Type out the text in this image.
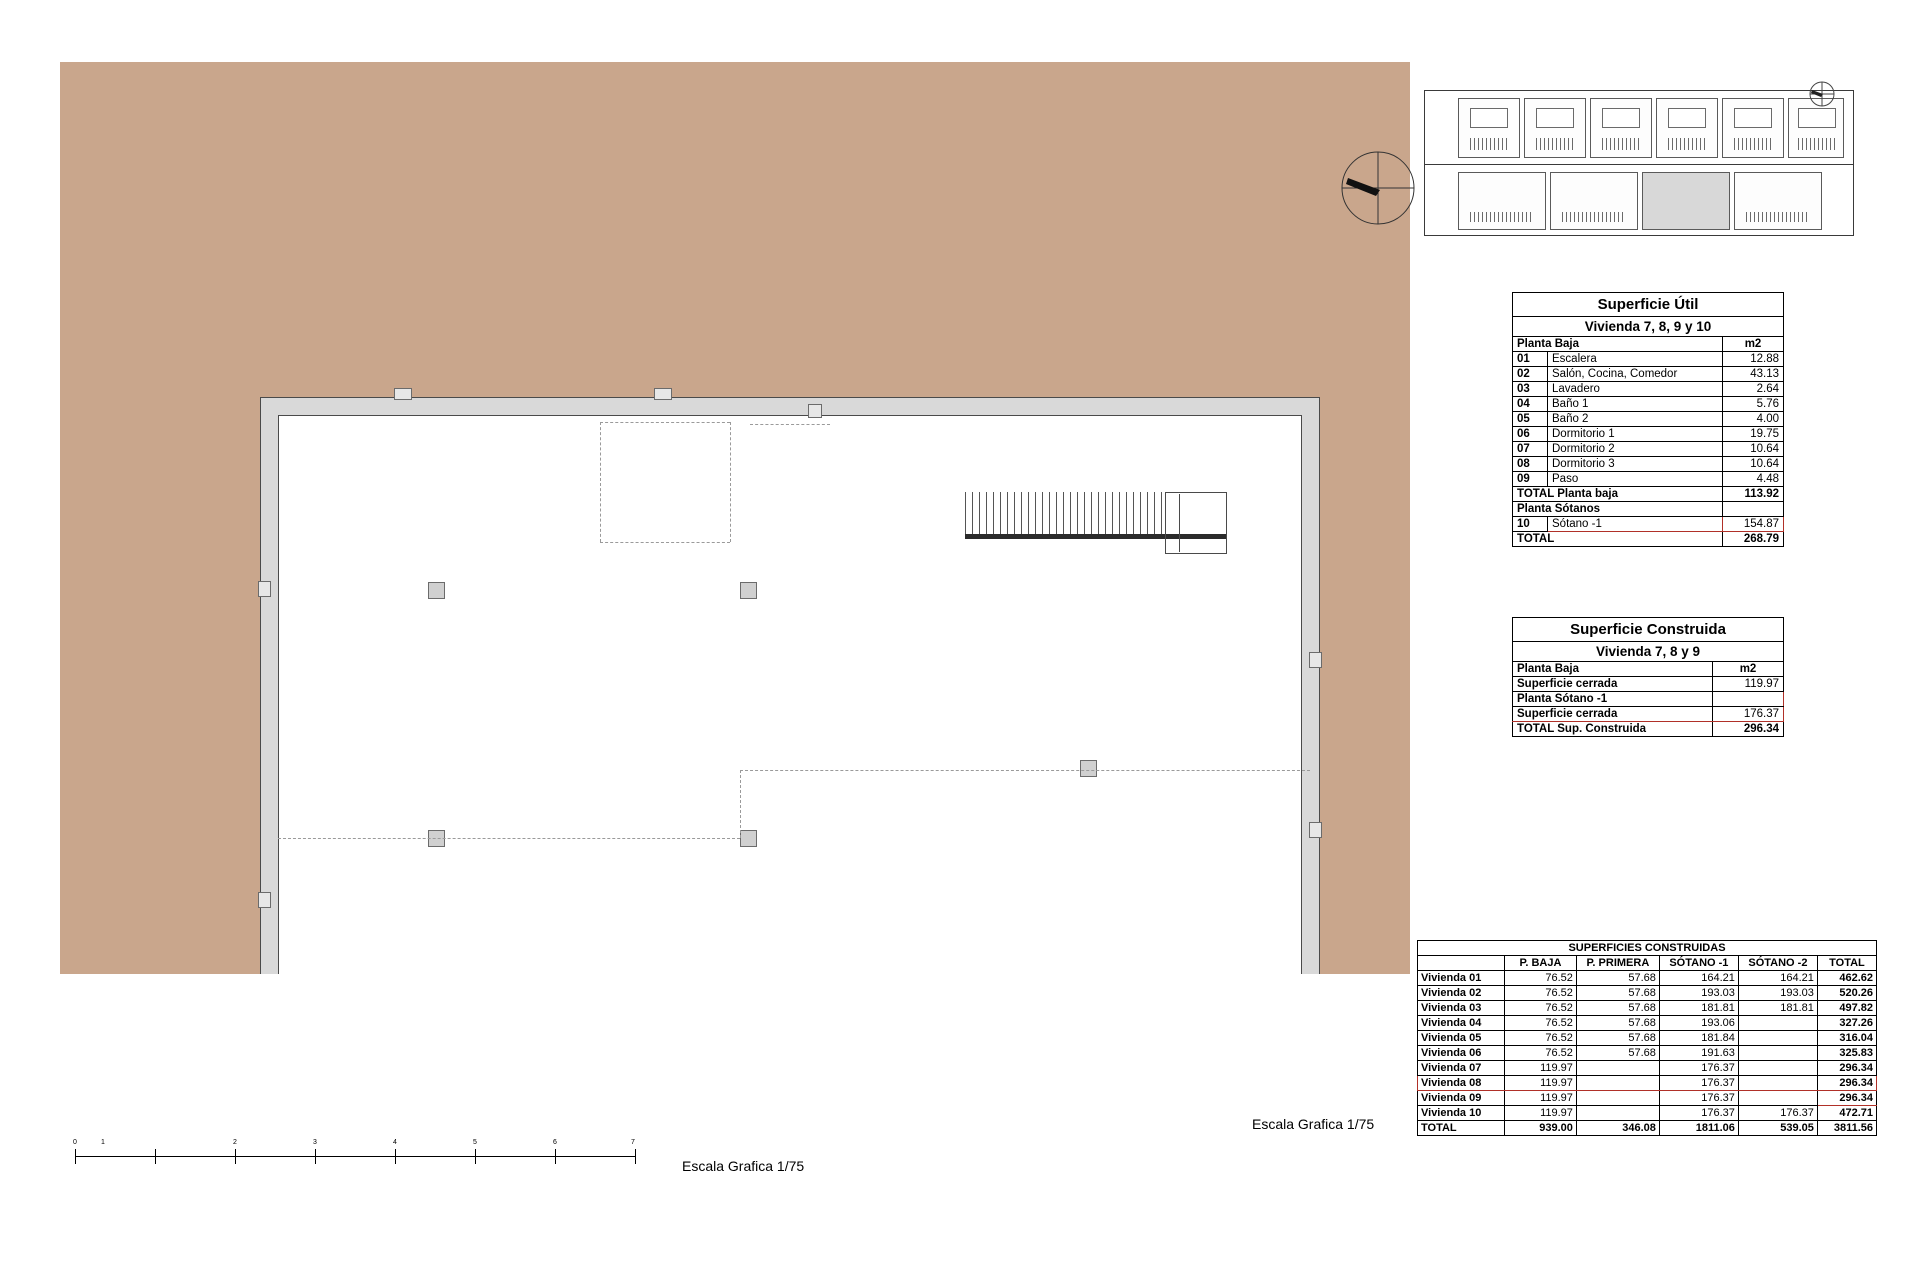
Escala Grafica 1/75
0	1	2	3	4	5	6	7
Escala Grafica 1/75
Superficie Útil		
Vivienda 7, 8, 9 y 10		
Planta Baja		m2
01	Escalera	12.88
02	Salón, Cocina, Comedor	43.13
03	Lavadero	2.64
04	Baño 1	5.76
05	Baño 2	4.00
06	Dormitorio 1	19.75
07	Dormitorio 2	10.64
08	Dormitorio 3	10.64
09	Paso	4.48
TOTAL Planta baja		113.92
Planta Sótanos		
10	Sótano -1	154.87
TOTAL		268.79
Superficie Construida	
Vivienda 7, 8 y 9	
Planta Baja	m2
Superficie cerrada	119.97
Planta Sótano -1	
Superficie cerrada	176.37
TOTAL Sup. Construida	296.34
SUPERFICIES CONSTRUIDAS					
	P. BAJA	P. PRIMERA	SÓTANO -1	SÓTANO -2	TOTAL
Vivienda 01	76.52	57.68	164.21	164.21	462.62
Vivienda 02	76.52	57.68	193.03	193.03	520.26
Vivienda 03	76.52	57.68	181.81	181.81	497.82
Vivienda 04	76.52	57.68	193.06		327.26
Vivienda 05	76.52	57.68	181.84		316.04
Vivienda 06	76.52	57.68	191.63		325.83
Vivienda 07	119.97		176.37		296.34
Vivienda 08	119.97		176.37		296.34
Vivienda 09	119.97		176.37		296.34
Vivienda 10	119.97		176.37	176.37	472.71
TOTAL	939.00	346.08	1811.06	539.05	3811.56
